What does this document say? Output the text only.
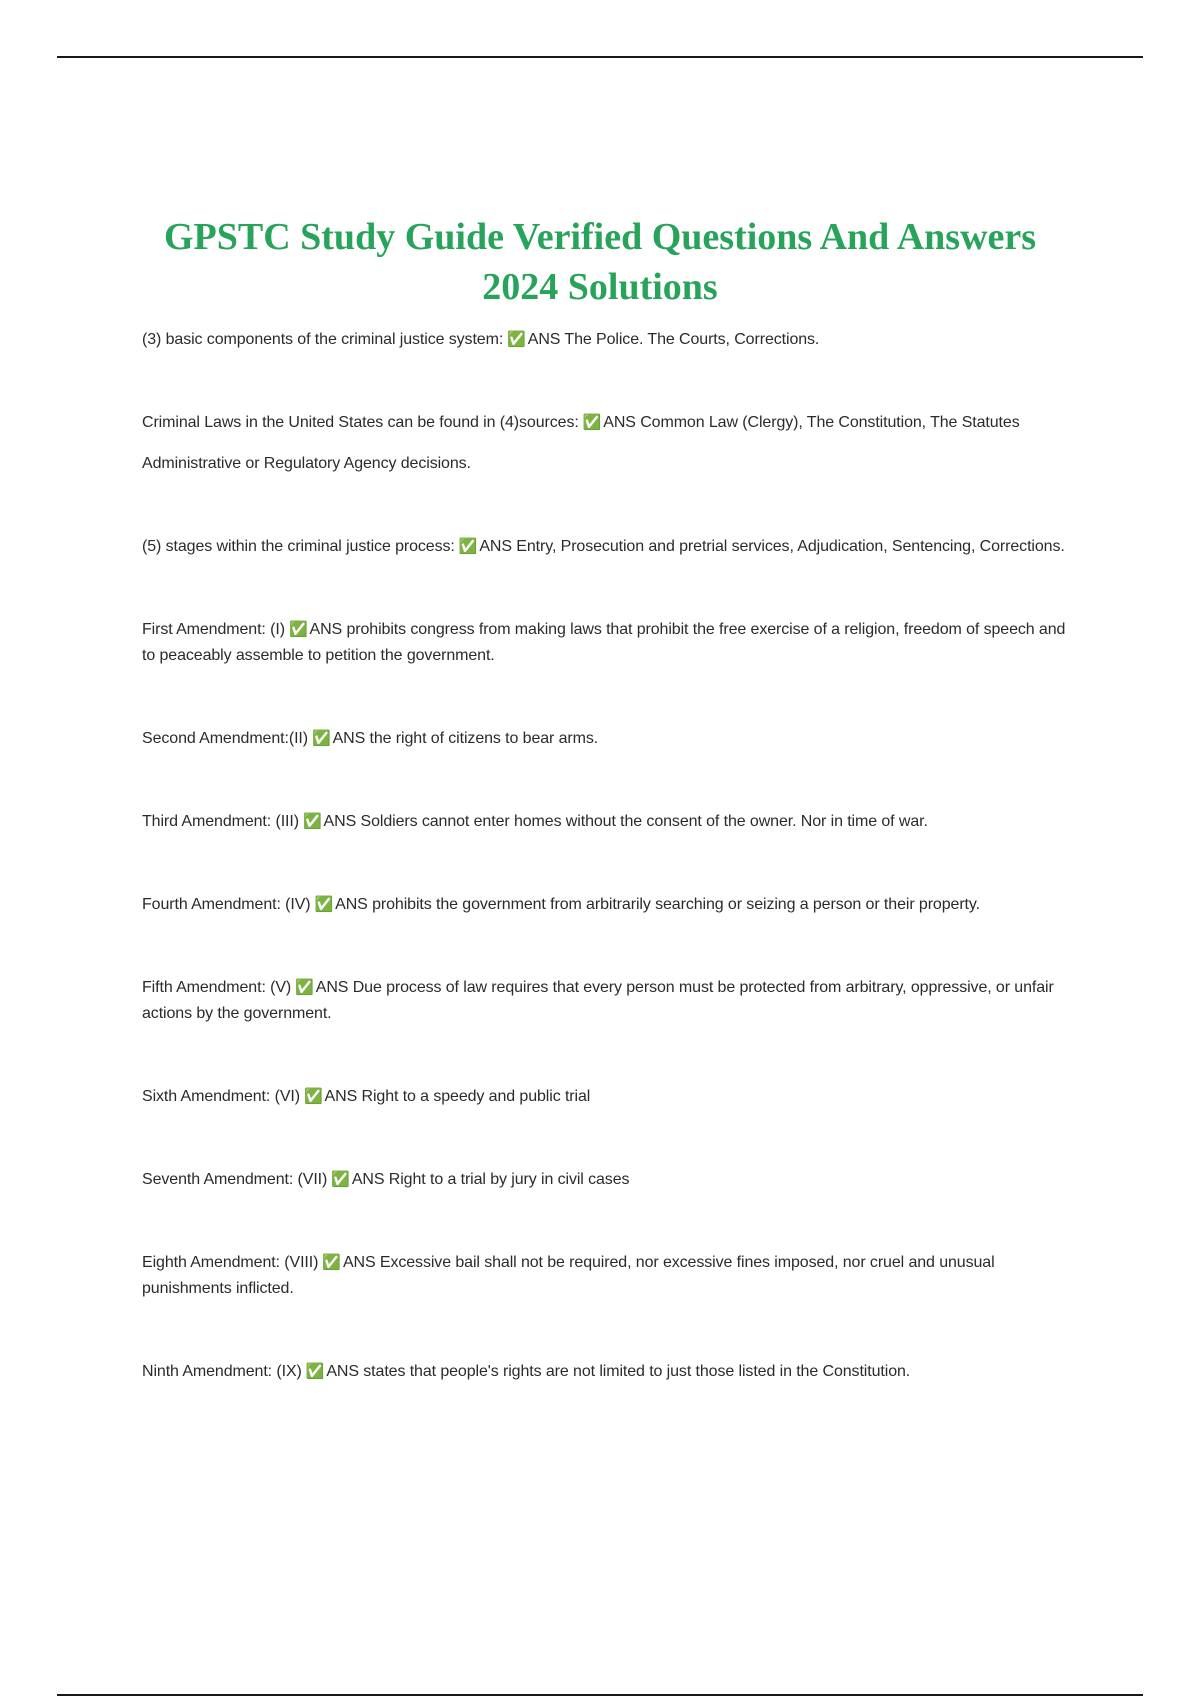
GPSTC Study Guide Verified Questions And Answers
2024 Solutions

(3) basic components of the criminal justice system: ✅ ANS The Police. The Courts, Corrections.

Criminal Laws in the United States can be found in (4)sources: ✅ ANS Common Law (Clergy), The Constitution, The Statutes

Administrative or Regulatory Agency decisions.

(5) stages within the criminal justice process: ✅ ANS Entry, Prosecution and pretrial services, Adjudication, Sentencing, Corrections.

First Amendment: (I) ✅ ANS prohibits congress from making laws that prohibit the free exercise of a religion, freedom of speech and to peaceably assemble to petition the government.

Second Amendment:(II) ✅ ANS the right of citizens to bear arms.

Third Amendment: (III) ✅ ANS Soldiers cannot enter homes without the consent of the owner. Nor in time of war.

Fourth Amendment: (IV) ✅ ANS prohibits the government from arbitrarily searching or seizing a person or their property.

Fifth Amendment: (V) ✅ ANS Due process of law requires that every person must be protected from arbitrary, oppressive, or unfair actions by the government.

Sixth Amendment: (VI) ✅ ANS Right to a speedy and public trial

Seventh Amendment: (VII) ✅ ANS Right to a trial by jury in civil cases

Eighth Amendment: (VIII) ✅ ANS Excessive bail shall not be required, nor excessive fines imposed, nor cruel and unusual punishments inflicted.

Ninth Amendment: (IX) ✅ ANS states that people's rights are not limited to just those listed in the Constitution.
